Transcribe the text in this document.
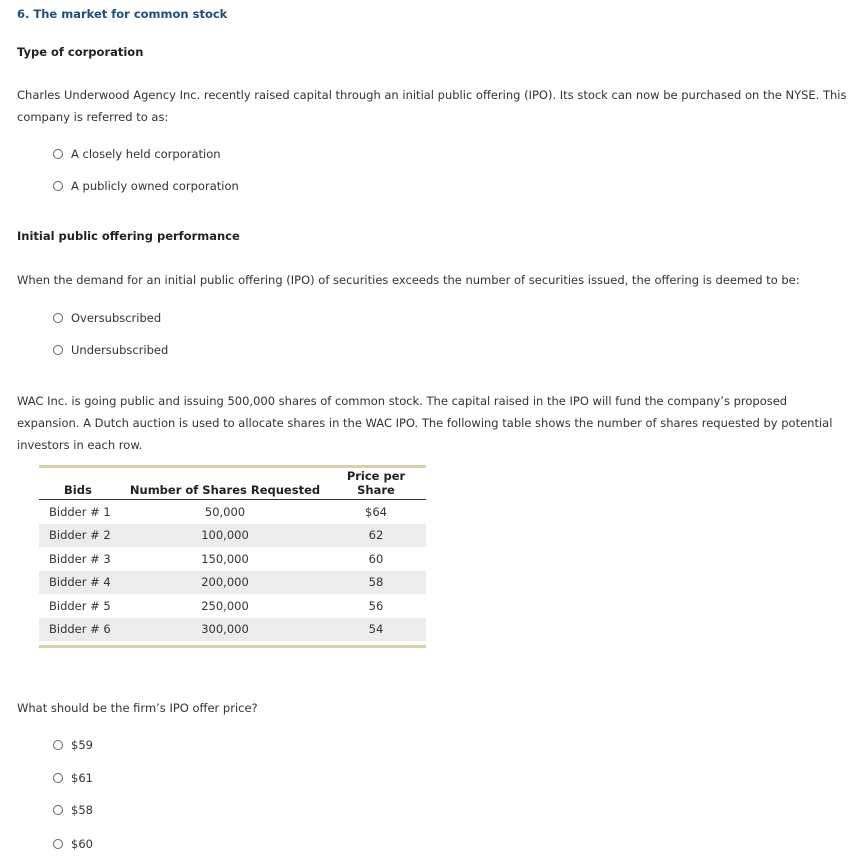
6. The market for common stock
Type of corporation
Charles Underwood Agency Inc. recently raised capital through an initial public offering (IPO). Its stock can now be purchased on the NYSE. This company is referred to as:
A closely held corporation
A publicly owned corporation
Initial public offering performance
When the demand for an initial public offering (IPO) of securities exceeds the number of securities issued, the offering is deemed to be:
Oversubscribed
Undersubscribed
WAC Inc. is going public and issuing 500,000 shares of common stock. The capital raised in the IPO will fund the company’s proposed expansion. A Dutch auction is used to allocate shares in the WAC IPO. The following table shows the number of shares requested by potential investors in each row.
Bids	Number of Shares Requested	Price per Share
Bidder # 1	50,000	$64
Bidder # 2	100,000	62
Bidder # 3	150,000	60
Bidder # 4	200,000	58
Bidder # 5	250,000	56
Bidder # 6	300,000	54

What should be the firm’s IPO offer price?
$59
$61
$58
$60
